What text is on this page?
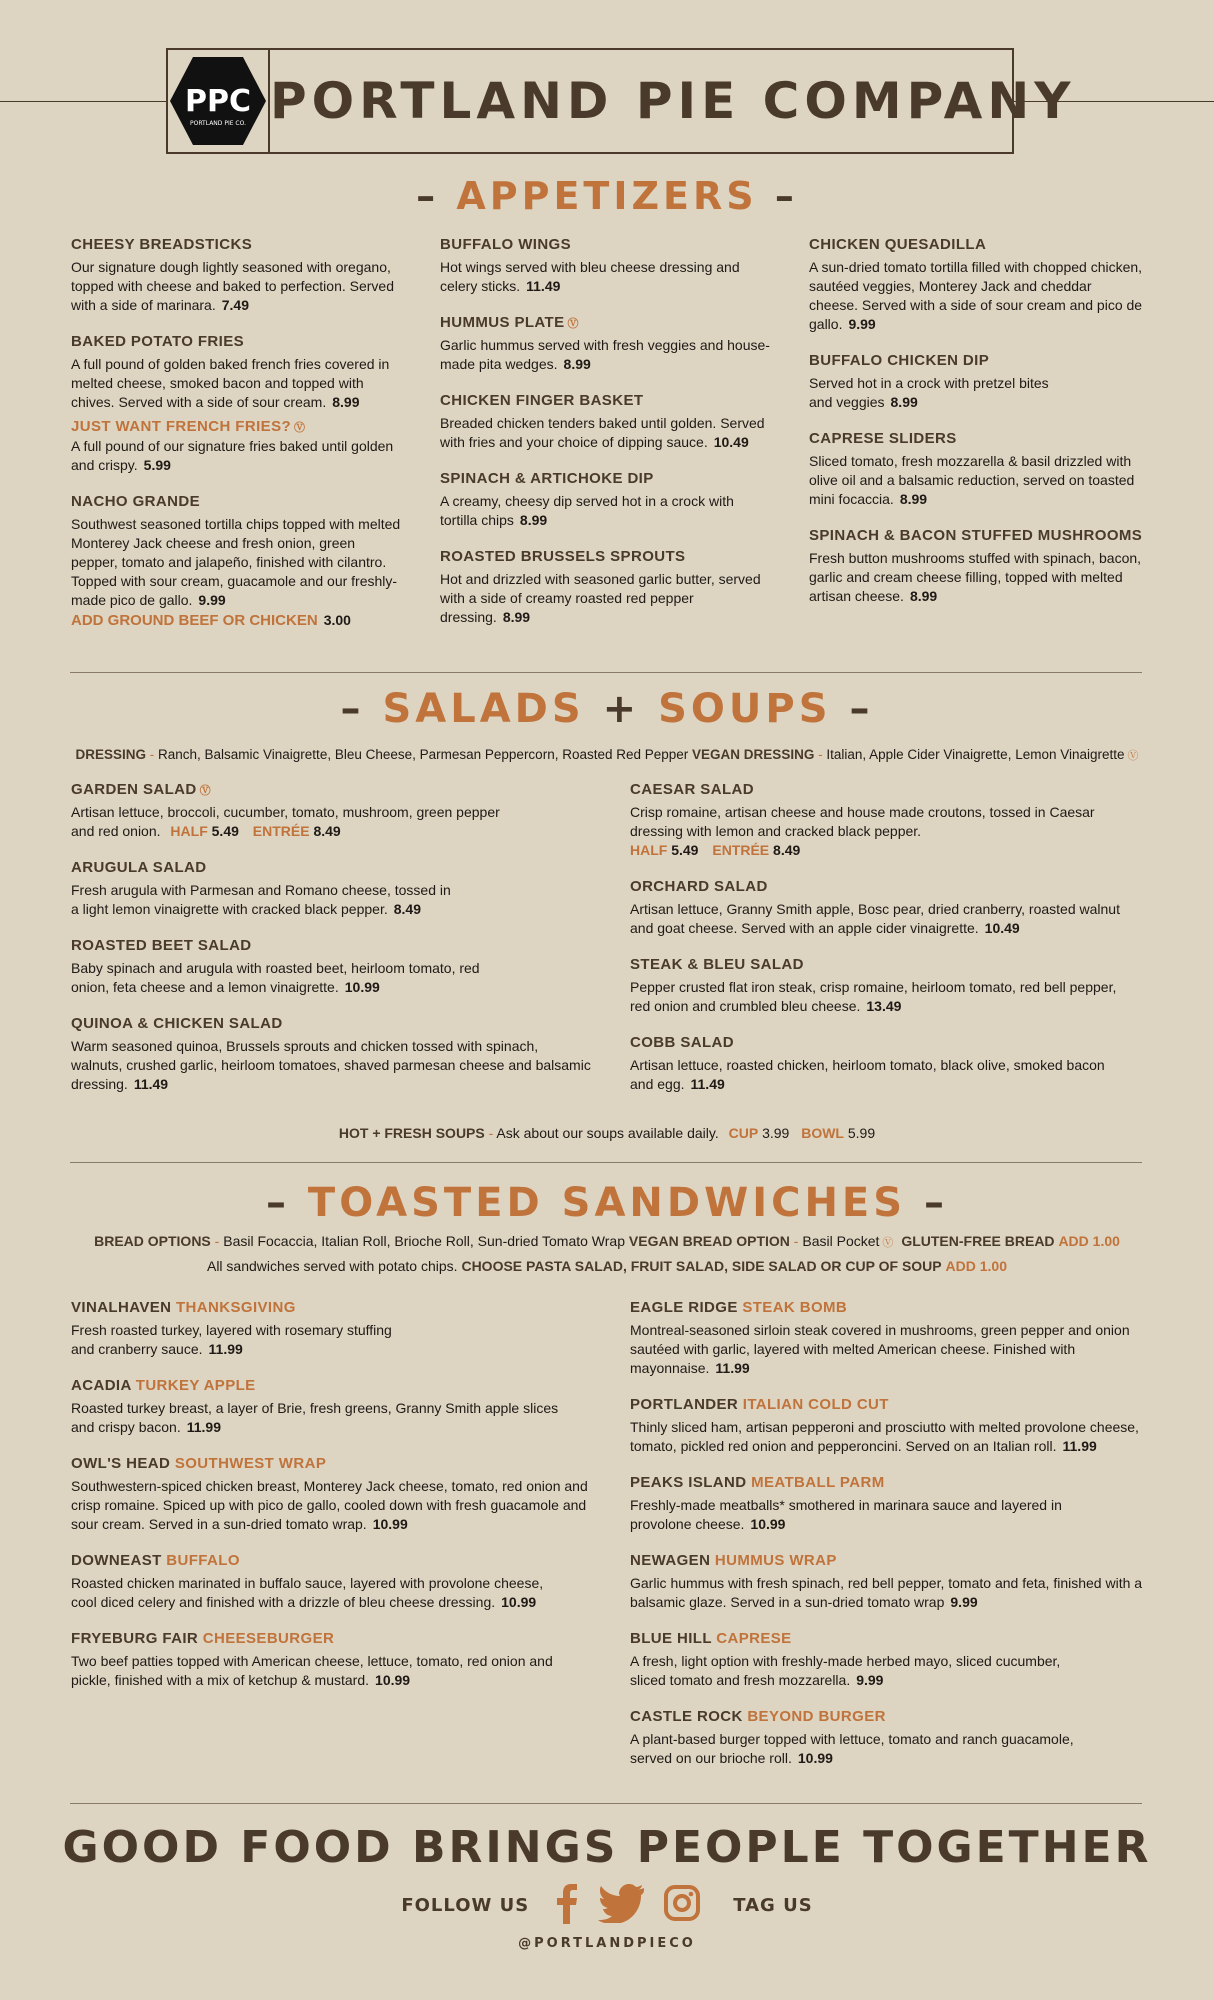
PPC
PORTLAND PIE CO. PORTLAND PIE COMPANY
– APPETIZERS –
CHEESY BREADSTICKS
Our signature dough lightly seasoned with oregano, topped with cheese and baked to perfection. Served with a side of marinara. 7.49
BAKED POTATO FRIES
A full pound of golden baked french fries covered in melted cheese, smoked bacon and topped with chives. Served with a side of sour cream. 8.99
JUST WANT FRENCH FRIES? Ⓥ
A full pound of our signature fries baked until golden and crispy. 5.99
NACHO GRANDE
Southwest seasoned tortilla chips topped with melted Monterey Jack cheese and fresh onion, green pepper, tomato and jalapeño, finished with cilantro. Topped with sour cream, guacamole and our freshly-made pico de gallo. 9.99
ADD GROUND BEEF OR CHICKEN 3.00
BUFFALO WINGS
Hot wings served with bleu cheese dressing and celery sticks. 11.49
HUMMUS PLATE Ⓥ
Garlic hummus served with fresh veggies and house-made pita wedges. 8.99
CHICKEN FINGER BASKET
Breaded chicken tenders baked until golden. Served with fries and your choice of dipping sauce. 10.49
SPINACH & ARTICHOKE DIP
A creamy, cheesy dip served hot in a crock with tortilla chips 8.99
ROASTED BRUSSELS SPROUTS
Hot and drizzled with seasoned garlic butter, served with a side of creamy roasted red pepper dressing. 8.99
CHICKEN QUESADILLA
A sun-dried tomato tortilla filled with chopped chicken, sautéed veggies, Monterey Jack and cheddar cheese. Served with a side of sour cream and pico de gallo. 9.99
BUFFALO CHICKEN DIP
Served hot in a crock with pretzel bites and veggies 8.99
CAPRESE SLIDERS
Sliced tomato, fresh mozzarella & basil drizzled with olive oil and a balsamic reduction, served on toasted mini focaccia. 8.99
SPINACH & BACON STUFFED MUSHROOMS
Fresh button mushrooms stuffed with spinach, bacon, garlic and cream cheese filling, topped with melted artisan cheese. 8.99
– SALADS + SOUPS –
DRESSING - Ranch, Balsamic Vinaigrette, Bleu Cheese, Parmesan Peppercorn, Roasted Red Pepper VEGAN DRESSING - Italian, Apple Cider Vinaigrette, Lemon Vinaigrette Ⓥ
GARDEN SALAD Ⓥ
Artisan lettuce, broccoli, cucumber, tomato, mushroom, green pepper and red onion. HALF 5.49 ENTRÉE 8.49
ARUGULA SALAD
Fresh arugula with Parmesan and Romano cheese, tossed in a light lemon vinaigrette with cracked black pepper. 8.49
ROASTED BEET SALAD
Baby spinach and arugula with roasted beet, heirloom tomato, red onion, feta cheese and a lemon vinaigrette. 10.99
QUINOA & CHICKEN SALAD
Warm seasoned quinoa, Brussels sprouts and chicken tossed with spinach, walnuts, crushed garlic, heirloom tomatoes, shaved parmesan cheese and balsamic dressing. 11.49
CAESAR SALAD
Crisp romaine, artisan cheese and house made croutons, tossed in Caesar dressing with lemon and cracked black pepper.
HALF 5.49 ENTRÉE 8.49
ORCHARD SALAD
Artisan lettuce, Granny Smith apple, Bosc pear, dried cranberry, roasted walnut and goat cheese. Served with an apple cider vinaigrette. 10.49
STEAK & BLEU SALAD
Pepper crusted flat iron steak, crisp romaine, heirloom tomato, red bell pepper, red onion and crumbled bleu cheese. 13.49
COBB SALAD
Artisan lettuce, roasted chicken, heirloom tomato, black olive, smoked bacon and egg. 11.49
HOT + FRESH SOUPS - Ask about our soups available daily. CUP 3.99 BOWL 5.99
– TOASTED SANDWICHES –
BREAD OPTIONS - Basil Focaccia, Italian Roll, Brioche Roll, Sun-dried Tomato Wrap VEGAN BREAD OPTION - Basil Pocket Ⓥ GLUTEN-FREE BREAD ADD 1.00
All sandwiches served with potato chips. CHOOSE PASTA SALAD, FRUIT SALAD, SIDE SALAD OR CUP OF SOUP ADD 1.00
VINALHAVEN THANKSGIVING
Fresh roasted turkey, layered with rosemary stuffing and cranberry sauce. 11.99
ACADIA TURKEY APPLE
Roasted turkey breast, a layer of Brie, fresh greens, Granny Smith apple slices and crispy bacon. 11.99
OWL'S HEAD SOUTHWEST WRAP
Southwestern-spiced chicken breast, Monterey Jack cheese, tomato, red onion and crisp romaine. Spiced up with pico de gallo, cooled down with fresh guacamole and sour cream. Served in a sun-dried tomato wrap. 10.99
DOWNEAST BUFFALO
Roasted chicken marinated in buffalo sauce, layered with provolone cheese, cool diced celery and finished with a drizzle of bleu cheese dressing. 10.99
FRYEBURG FAIR CHEESEBURGER
Two beef patties topped with American cheese, lettuce, tomato, red onion and pickle, finished with a mix of ketchup & mustard. 10.99
EAGLE RIDGE STEAK BOMB
Montreal-seasoned sirloin steak covered in mushrooms, green pepper and onion sautéed with garlic, layered with melted American cheese. Finished with mayonnaise. 11.99
PORTLANDER ITALIAN COLD CUT
Thinly sliced ham, artisan pepperoni and prosciutto with melted provolone cheese, tomato, pickled red onion and pepperoncini. Served on an Italian roll. 11.99
PEAKS ISLAND MEATBALL PARM
Freshly-made meatballs* smothered in marinara sauce and layered in provolone cheese. 10.99
NEWAGEN HUMMUS WRAP
Garlic hummus with fresh spinach, red bell pepper, tomato and feta, finished with a balsamic glaze. Served in a sun-dried tomato wrap 9.99
BLUE HILL CAPRESE
A fresh, light option with freshly-made herbed mayo, sliced cucumber, sliced tomato and fresh mozzarella. 9.99
CASTLE ROCK BEYOND BURGER
A plant-based burger topped with lettuce, tomato and ranch guacamole, served on our brioche roll. 10.99
GOOD FOOD BRINGS PEOPLE TOGETHER
FOLLOW US	TAG US
@PORTLANDPIECO
